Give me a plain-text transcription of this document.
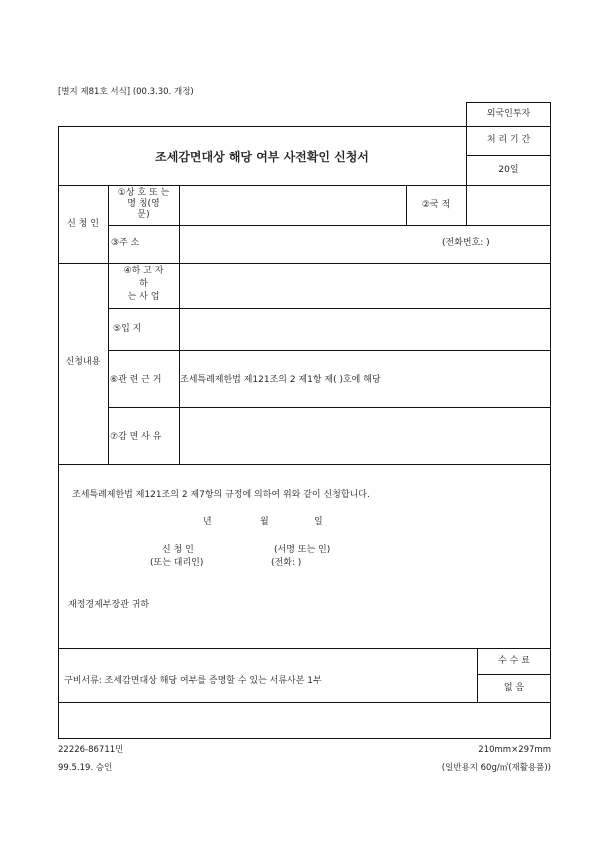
[별지 제81호 서식] (00.3.30. 개정)
외국인투자
처 리 기 간
20일
조세감면대상 해당 여부 사전확인 신청서
신 청 인
①상 호 또 는
명 칭(영
문)
②국 적
③주 소	(전화번호: )
신청내용
④하 고 자
하
는 사 업
⑤입 지
⑥관 련 근 거 조세특례제한법 제121조의 2 제1항 제( )호에 해당
⑦감 면 사 유
조세특례제한법 제121조의 2 제7항의 규정에 의하여 위와 같이 신청합니다.
년	월	일
신 청 인	(서명 또는 인)
(또는 대리인)	(전화: )
재정경제부장관 귀하
구비서류: 조세감면대상 해당 여부를 증명할 수 있는 서류사본 1부
수 수 료
없 음
22226-86711민
99.5.19. 승인
210mm×297mm
(일반용지 60g/㎡(재활용품))
